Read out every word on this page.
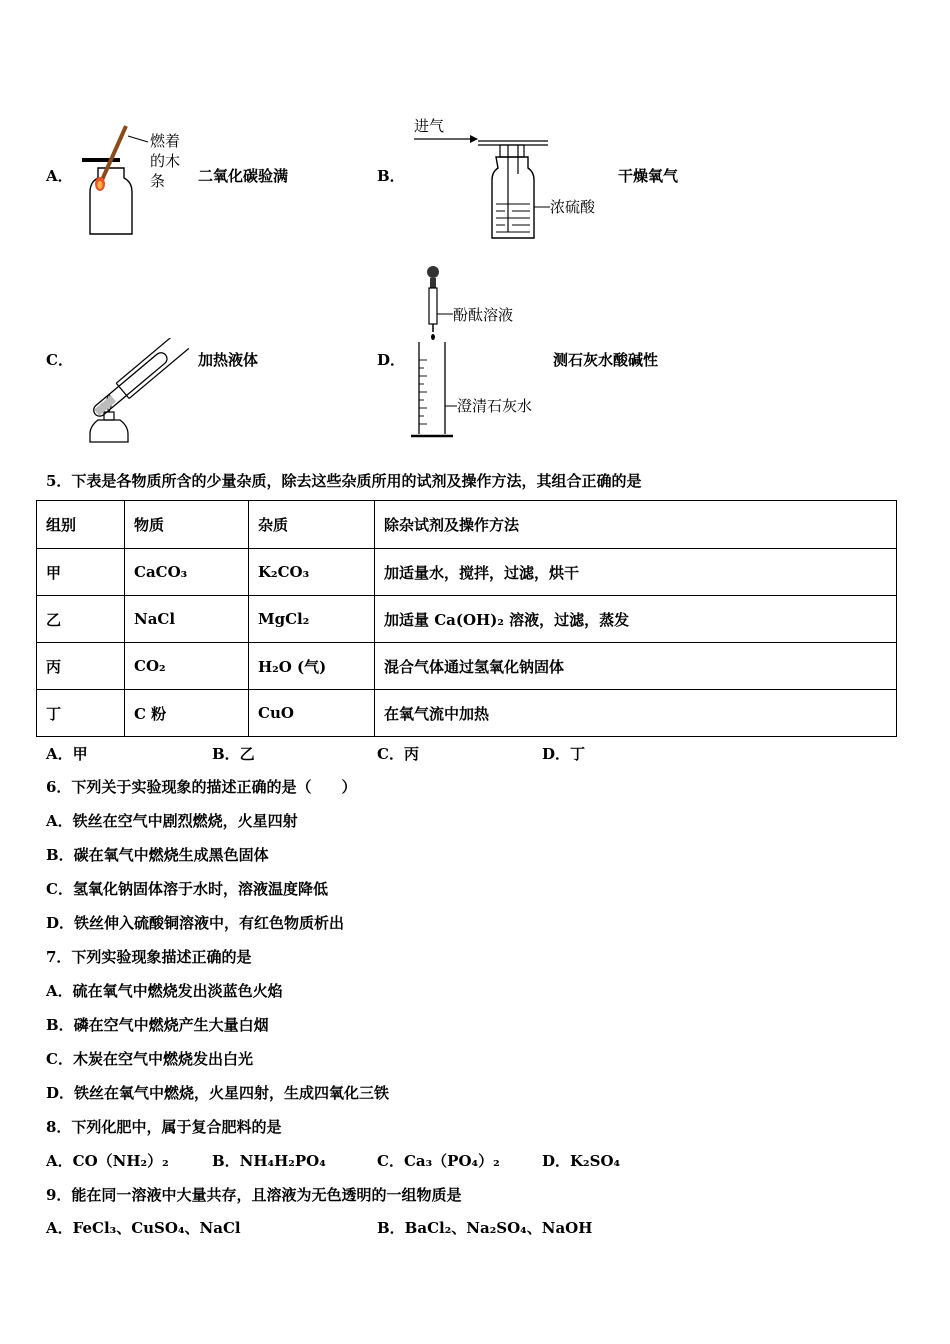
A．
燃着
的木
条 二氧化碳验满	B．
进气
浓硫酸
干燥氧气
C．	加热液体	D．
酚酞溶液
澄清石灰水
测石灰水酸碱性
5．下表是各物质所含的少量杂质，除去这些杂质所用的试剂及操作方法，其组合正确的是
组别	物质	杂质	除杂试剂及操作方法
甲	CaCO₃	K₂CO₃	加适量水，搅拌，过滤，烘干
乙	NaCl	MgCl₂	加适量 Ca(OH)₂ 溶液，过滤，蒸发
丙	CO₂	H₂O (气)	混合气体通过氢氧化钠固体
丁	C 粉	CuO	在氧气流中加热
A．甲	B．乙	C．丙	D．丁
6．下列关于实验现象的描述正确的是（　　）
A．铁丝在空气中剧烈燃烧，火星四射
B．碳在氧气中燃烧生成黑色固体
C．氢氧化钠固体溶于水时，溶液温度降低
D．铁丝伸入硫酸铜溶液中，有红色物质析出
7．下列实验现象描述正确的是
A．硫在氧气中燃烧发出淡蓝色火焰
B．磷在空气中燃烧产生大量白烟
C．木炭在空气中燃烧发出白光
D．铁丝在氧气中燃烧，火星四射，生成四氧化三铁
8．下列化肥中，属于复合肥料的是
A．CO（NH₂）₂	B．NH₄H₂PO₄	C．Ca₃（PO₄）₂	D．K₂SO₄
9．能在同一溶液中大量共存，且溶液为无色透明的一组物质是
A．FeCl₃、CuSO₄、NaCl	B．BaCl₂、Na₂SO₄、NaOH
